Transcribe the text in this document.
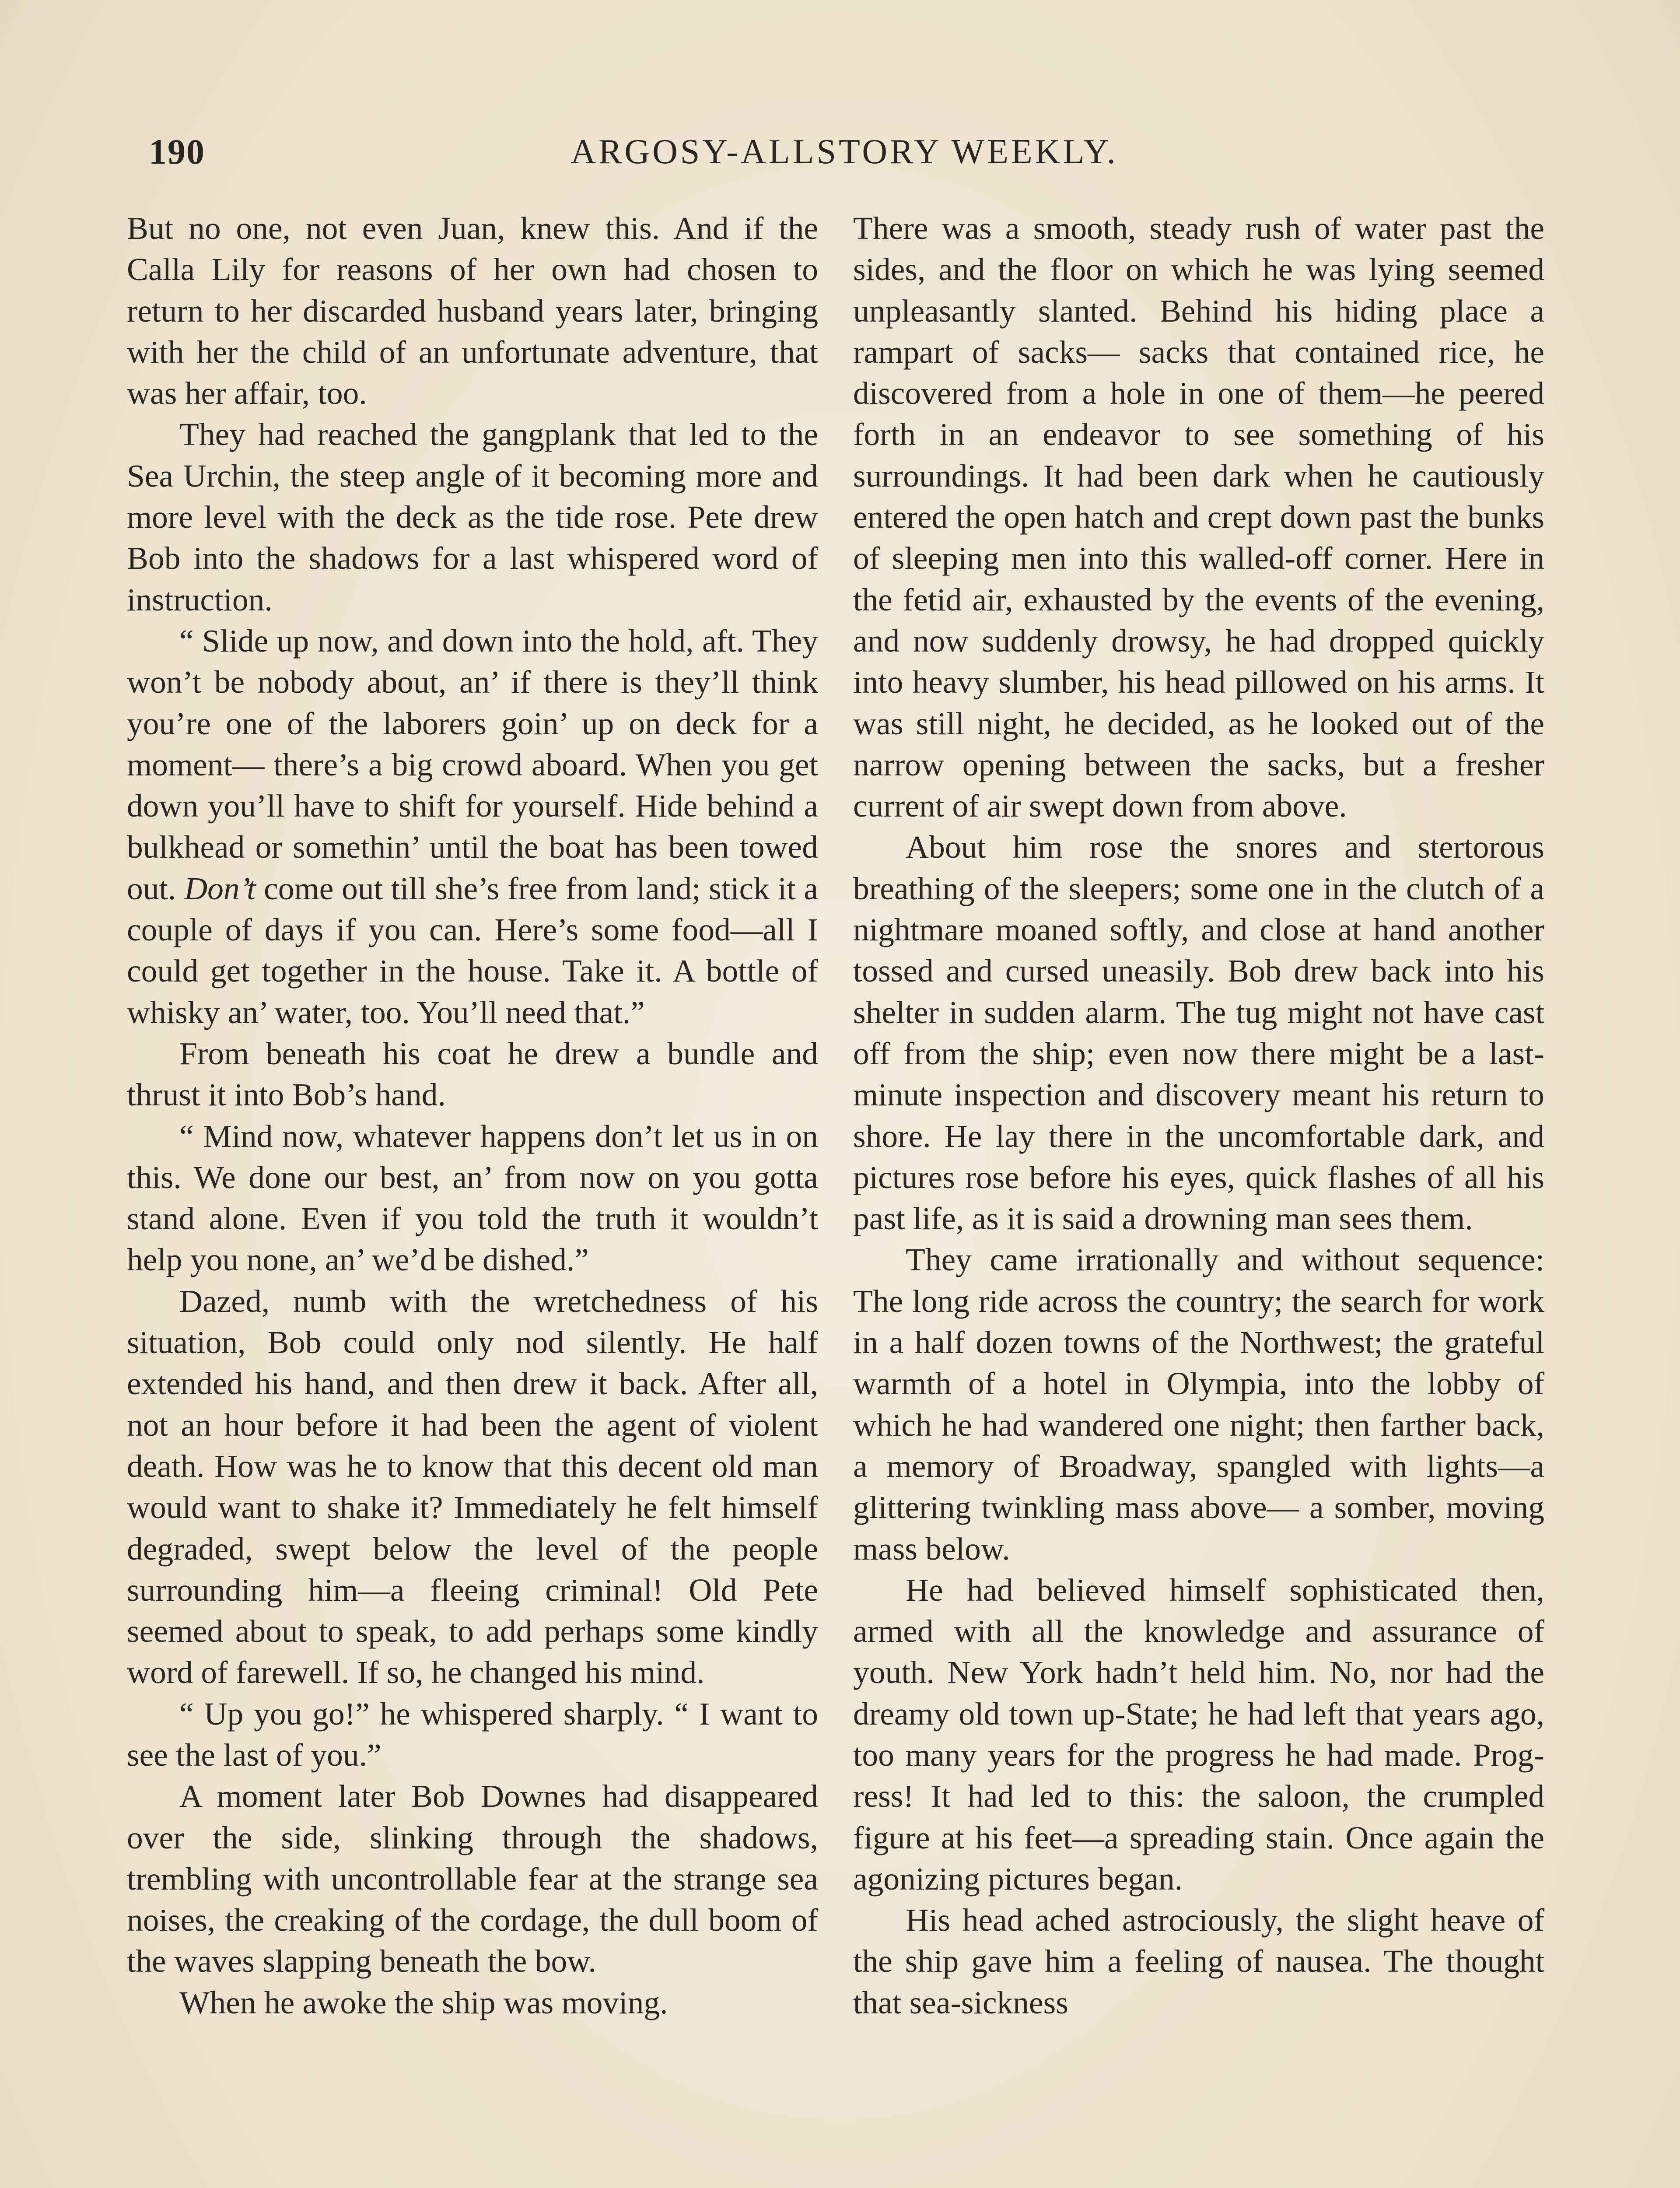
190	ARGOSY-ALLSTORY WEEKLY.

But no one, not even Juan, knew this. And if the Calla Lily for reasons of her own had chosen to return to her discarded husband years later, bringing with her the child of an unfortunate adventure, that was her affair, too.

They had reached the gangplank that led to the Sea Urchin, the steep angle of it becoming more and more level with the deck as the tide rose. Pete drew Bob into the shadows for a last whispered word of instruction.

“ Slide up now, and down into the hold, aft. They won’t be nobody about, an’ if there is they’ll think you’re one of the laborers goin’ up on deck for a moment— there’s a big crowd aboard. When you get down you’ll have to shift for yourself. Hide behind a bulkhead or somethin’ until the boat has been towed out. Don’t come out till she’s free from land; stick it a couple of days if you can. Here’s some food—all I could get together in the house. Take it. A bottle of whisky an’ water, too. You’ll need that.”

From beneath his coat he drew a bundle and thrust it into Bob’s hand.

“ Mind now, whatever happens don’t let us in on this. We done our best, an’ from now on you gotta stand alone. Even if you told the truth it wouldn’t help you none, an’ we’d be dished.”

Dazed, numb with the wretchedness of his situation, Bob could only nod silently. He half extended his hand, and then drew it back. After all, not an hour before it had been the agent of violent death. How was he to know that this decent old man would want to shake it? Immediately he felt himself degraded, swept below the level of the people surrounding him—a fleeing criminal! Old Pete seemed about to speak, to add perhaps some kindly word of farewell. If so, he changed his mind.

“ Up you go!” he whispered sharply. “ I want to see the last of you.”

A moment later Bob Downes had disappeared over the side, slinking through the shadows, trembling with uncontrollable fear at the strange sea noises, the creaking of the cordage, the dull boom of the waves slapping beneath the bow.

When he awoke the ship was moving.

There was a smooth, steady rush of water past the sides, and the floor on which he was lying seemed unpleasantly slanted. Behind his hiding place a rampart of sacks— sacks that contained rice, he discovered from a hole in one of them—he peered forth in an endeavor to see something of his surroundings. It had been dark when he cautiously entered the open hatch and crept down past the bunks of sleeping men into this walled-off corner. Here in the fetid air, exhausted by the events of the evening, and now suddenly drowsy, he had dropped quickly into heavy slumber, his head pillowed on his arms. It was still night, he decided, as he looked out of the narrow opening between the sacks, but a fresher current of air swept down from above.

About him rose the snores and stertorous breathing of the sleepers; some one in the clutch of a nightmare moaned softly, and close at hand another tossed and cursed uneasily. Bob drew back into his shelter in sudden alarm. The tug might not have cast off from the ship; even now there might be a last-minute inspection and discovery meant his return to shore. He lay there in the uncomfortable dark, and pictures rose before his eyes, quick flashes of all his past life, as it is said a drowning man sees them.

They came irrationally and without sequence: The long ride across the country; the search for work in a half dozen towns of the Northwest; the grateful warmth of a hotel in Olympia, into the lobby of which he had wandered one night; then farther back, a memory of Broadway, spangled with lights—a glittering twinkling mass above— a somber, moving mass below.

He had believed himself sophisticated then, armed with all the knowledge and assurance of youth. New York hadn’t held him. No, nor had the dreamy old town up-State; he had left that years ago, too many years for the progress he had made. Progress! It had led to this: the saloon, the crumpled figure at his feet—a spreading stain. Once again the agonizing pictures began.

His head ached astrociously, the slight heave of the ship gave him a feeling of nausea. The thought that sea-sickness
